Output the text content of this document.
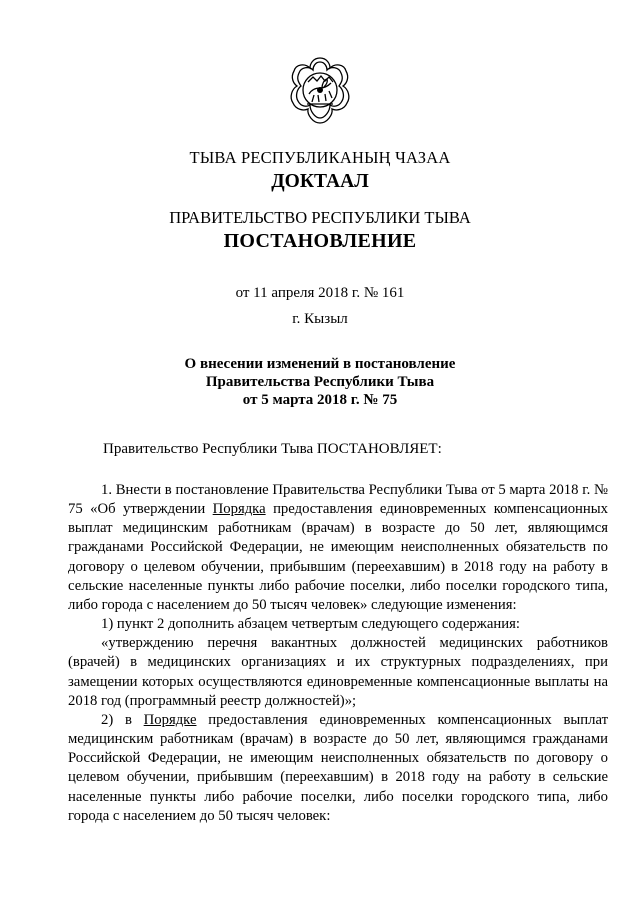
ТЫВА РЕСПУБЛИКАНЫҢ ЧАЗАА
ДОКТААЛ
ПРАВИТЕЛЬСТВО РЕСПУБЛИКИ ТЫВА
ПОСТАНОВЛЕНИЕ
от 11 апреля 2018 г. № 161
г. Кызыл
О внесении изменений в постановление
Правительства Республики Тыва
от 5 марта 2018 г. № 75
Правительство Республики Тыва ПОСТАНОВЛЯЕТ:

1. Внести в постановление Правительства Республики Тыва от 5 марта 2018 г. № 75 «Об утверждении Порядка предоставления единовременных компенсационных выплат медицинским работникам (врачам) в возрасте до 50 лет, являющимся гражданами Российской Федерации, не имеющим неисполненных обязательств по договору о целевом обучении, прибывшим (переехавшим) в 2018 году на работу в сельские населенные пункты либо рабочие поселки, либо поселки городского типа, либо города с населением до 50 тысяч человек» следующие изменения:

1) пункт 2 дополнить абзацем четвертым следующего содержания:

«утверждению перечня вакантных должностей медицинских работников (врачей) в медицинских организациях и их структурных подразделениях, при замещении которых осуществляются единовременные компенсационные выплаты на 2018 год (программный реестр должностей)»;

2) в Порядке предоставления единовременных компенсационных выплат медицинским работникам (врачам) в возрасте до 50 лет, являющимся гражданами Российской Федерации, не имеющим неисполненных обязательств по договору о целевом обучении, прибывшим (переехавшим) в 2018 году на работу в сельские населенные пункты либо рабочие поселки, либо поселки городского типа, либо города с населением до 50 тысяч человек:
